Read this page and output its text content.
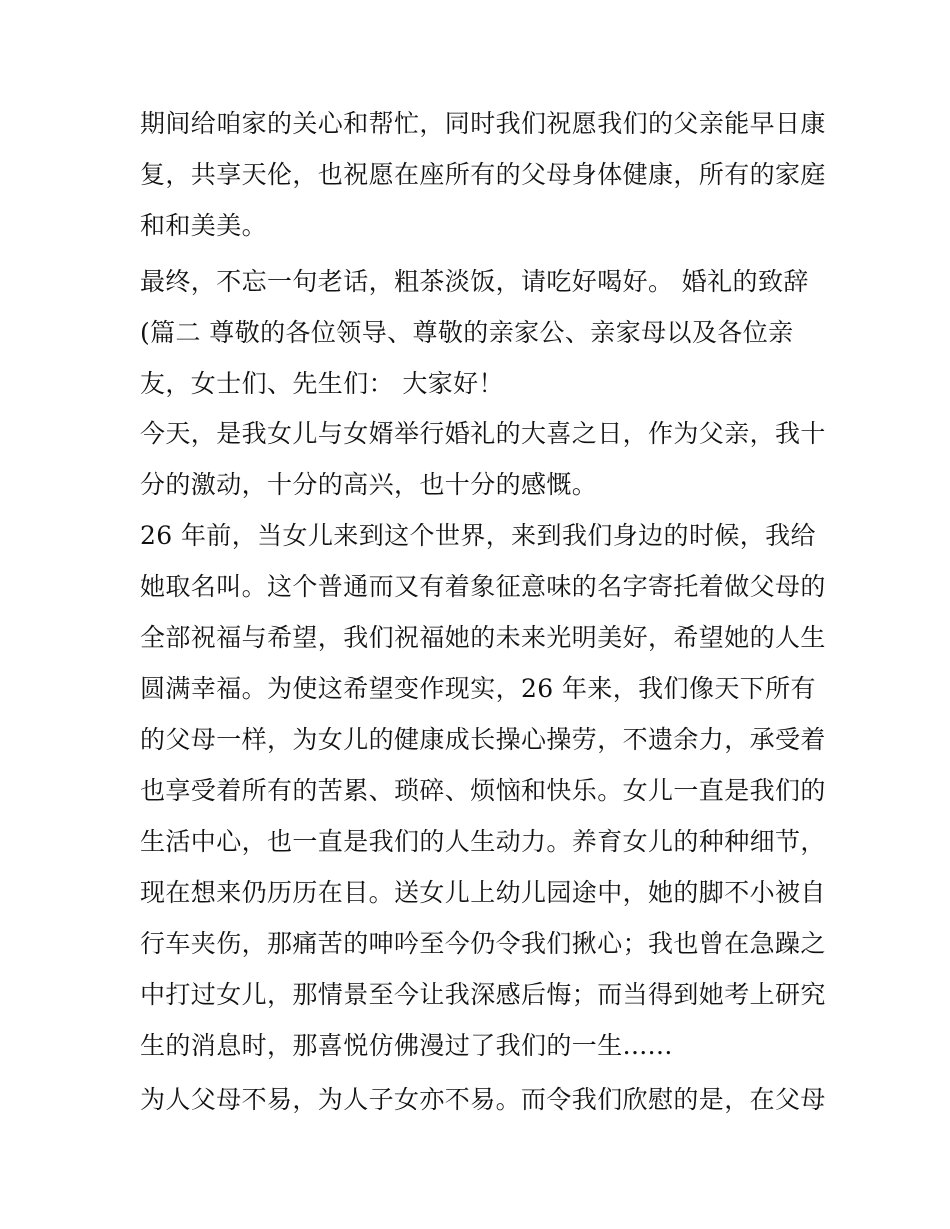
期间给咱家的关心和帮忙，同时我们祝愿我们的父亲能早日康
复，共享天伦，也祝愿在座所有的父母身体健康，所有的家庭
和和美美。
最终，不忘一句老话，粗茶淡饭，请吃好喝好。 婚礼的致辞
(篇二 尊敬的各位领导、尊敬的亲家公、亲家母以及各位亲
友，女士们、先生们： 大家好！
今天，是我女儿与女婿举行婚礼的大喜之日，作为父亲，我十
分的激动，十分的高兴，也十分的感慨。
26 年前，当女儿来到这个世界，来到我们身边的时候，我给
她取名叫。这个普通而又有着象征意味的名字寄托着做父母的
全部祝福与希望，我们祝福她的未来光明美好，希望她的人生
圆满幸福。为使这希望变作现实，26 年来，我们像天下所有
的父母一样，为女儿的健康成长操心操劳，不遗余力，承受着
也享受着所有的苦累、琐碎、烦恼和快乐。女儿一直是我们的
生活中心，也一直是我们的人生动力。养育女儿的种种细节，
现在想来仍历历在目。送女儿上幼儿园途中，她的脚不小被自
行车夹伤，那痛苦的呻吟至今仍令我们揪心；我也曾在急躁之
中打过女儿，那情景至今让我深感后悔；而当得到她考上研究
生的消息时，那喜悦仿佛漫过了我们的一生......
为人父母不易，为人子女亦不易。而令我们欣慰的是，在父母
